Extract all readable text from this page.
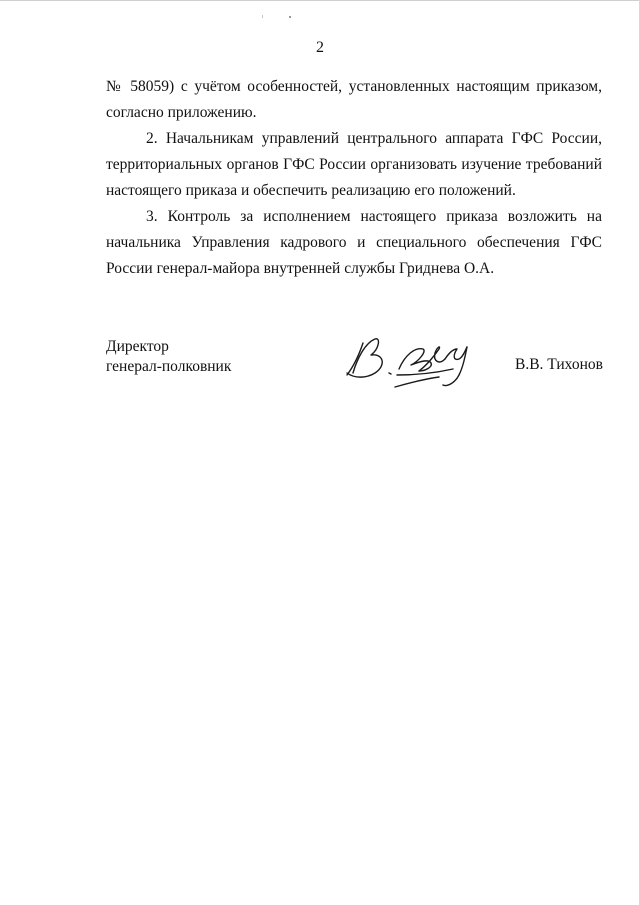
2

№ 58059) с учётом особенностей, установленных настоящим приказом, согласно приложению.

2. Начальникам управлений центрального аппарата ГФС России, территориальных органов ГФС России организовать изучение требований настоящего приказа и обеспечить реализацию его положений.

3. Контроль за исполнением настоящего приказа возложить на начальника Управления кадрового и специального обеспечения ГФС России генерал-майора внутренней службы Гриднева О.А.

Директор
генерал-полковник	В.В. Тихонов
